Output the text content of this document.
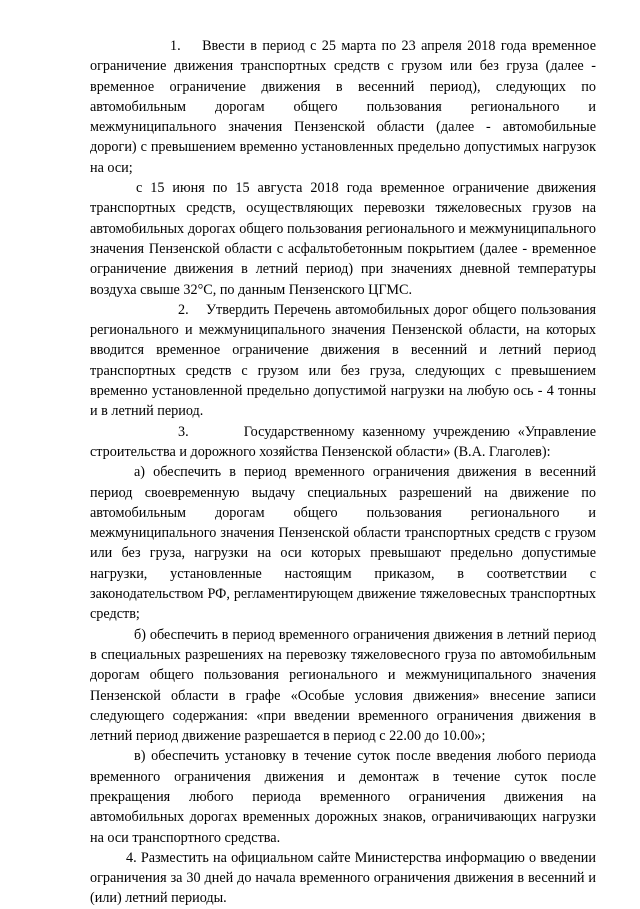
1. Ввести в период с 25 марта по 23 апреля 2018 года временное ограничение движения транспортных средств с грузом или без груза (далее - временное ограничение движения в весенний период), следующих по автомобильным дорогам общего пользования регионального и межмуниципального значения Пензенской области (далее - автомобильные дороги) с превышением временно установленных предельно допустимых нагрузок на оси;

с 15 июня по 15 августа 2018 года временное ограничение движения транспортных средств, осуществляющих перевозки тяжеловесных грузов на автомобильных дорогах общего пользования регионального и межмуниципального значения Пензенской области с асфальтобетонным покрытием (далее - временное ограничение движения в летний период) при значениях дневной температуры воздуха свыше 32°С, по данным Пензенского ЦГМС.

2. Утвердить Перечень автомобильных дорог общего пользования регионального и межмуниципального значения Пензенской области, на которых вводится временное ограничение движения в весенний и летний период транспортных средств с грузом или без груза, следующих с превышением временно установленной предельно допустимой нагрузки на любую ось - 4 тонны и в летний период.

3.	Государственному казенному учреждению «Управление строительства и дорожного хозяйства Пензенской области» (В.А. Глаголев):

а) обеспечить в период временного ограничения движения в весенний период своевременную выдачу специальных разрешений на движение по автомобильным дорогам общего пользования регионального и межмуниципального значения Пензенской области транспортных средств с грузом или без груза, нагрузки на оси которых превышают предельно допустимые нагрузки, установленные настоящим приказом, в соответствии с законодательством РФ, регламентирующем движение тяжеловесных транспортных средств;

б) обеспечить в период временного ограничения движения в летний период в специальных разрешениях на перевозку тяжеловесного груза по автомобильным дорогам общего пользования регионального и межмуниципального значения Пензенской области в графе «Особые условия движения» внесение записи следующего содержания: «при введении временного ограничения движения в летний период движение разрешается в период с 22.00 до 10.00»;

в) обеспечить установку в течение суток после введения любого периода временного ограничения движения и демонтаж в течение суток после прекращения любого периода временного ограничения движения на автомобильных дорогах временных дорожных знаков, ограничивающих нагрузки на оси транспортного средства.

4. Разместить на официальном сайте Министерства информацию о введении ограничения за 30 дней до начала временного ограничения движения в весенний и (или) летний периоды.
